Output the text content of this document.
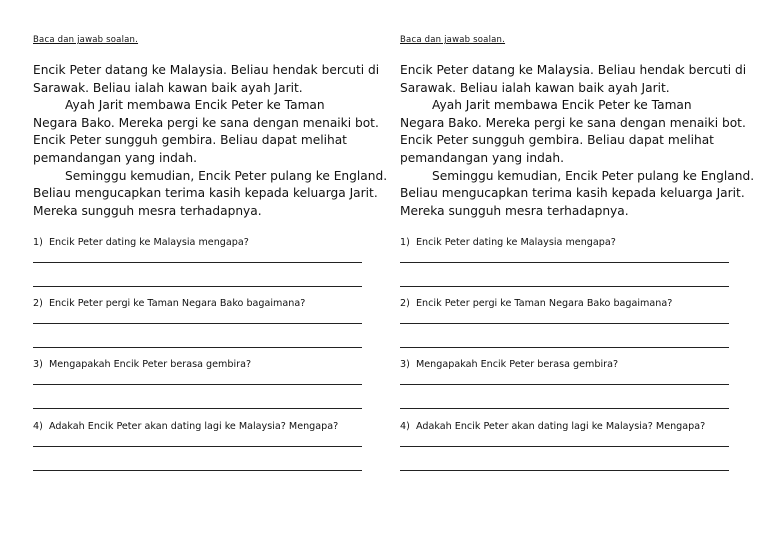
Baca dan jawab soalan.

Encik Peter datang ke Malaysia. Beliau hendak bercuti di

Sarawak. Beliau ialah kawan baik ayah Jarit.

Ayah Jarit membawa Encik Peter ke Taman

Negara Bako. Mereka pergi ke sana dengan menaiki bot.

Encik Peter sungguh gembira. Beliau dapat melihat

pemandangan yang indah.

Seminggu kemudian, Encik Peter pulang ke England.

Beliau mengucapkan terima kasih kepada keluarga Jarit.

Mereka sungguh mesra terhadapnya.

1) Encik Peter dating ke Malaysia mengapa?
2) Encik Peter pergi ke Taman Negara Bako bagaimana?
3) Mengapakah Encik Peter berasa gembira?
4) Adakah Encik Peter akan dating lagi ke Malaysia? Mengapa?
Baca dan jawab soalan.

Encik Peter datang ke Malaysia. Beliau hendak bercuti di

Sarawak. Beliau ialah kawan baik ayah Jarit.

Ayah Jarit membawa Encik Peter ke Taman

Negara Bako. Mereka pergi ke sana dengan menaiki bot.

Encik Peter sungguh gembira. Beliau dapat melihat

pemandangan yang indah.

Seminggu kemudian, Encik Peter pulang ke England.

Beliau mengucapkan terima kasih kepada keluarga Jarit.

Mereka sungguh mesra terhadapnya.

1) Encik Peter dating ke Malaysia mengapa?
2) Encik Peter pergi ke Taman Negara Bako bagaimana?
3) Mengapakah Encik Peter berasa gembira?
4) Adakah Encik Peter akan dating lagi ke Malaysia? Mengapa?
